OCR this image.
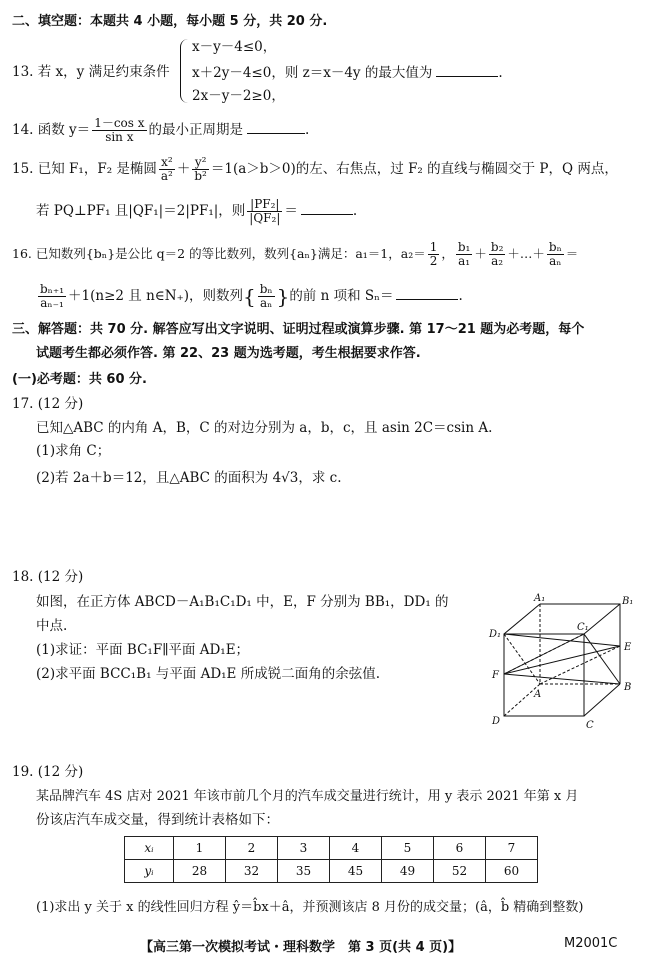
二、填空题：本题共 4 小题，每小题 5 分，共 20 分.
13. 若 x，y 满足约束条件
x－y－4≤0，
x＋2y－4≤0，则 z＝x－4y 的最大值为	.
2x－y－2≥0，
14. 函数 $y= \frac{\text{1－cos x}}{\text{sin x}}$ 的最小正周期是	.
15. 已知 F₁，F₂ 是椭圆 $\frac{\text{x²}}{\text{a²}} + \frac{\text{y²}}{\text{b²}} =1(a>b>0)$的左、右焦点，过 F₂ 的直线与椭圆交于 P，Q 两点，
若 PQ⊥PF₁ 且|QF₁|＝2|PF₁|，则 $\frac{\text{|PF₂|}}{\text{|QF₂|}}$ ＝	.
16. 已知数列{bₙ}是公比 q＝2 的等比数列，数列{aₙ}满足：a₁＝1，$a_2= \frac{1}{2}$ ， $\frac{\text{b₁}}{\text{a₁}} + \frac{\text{b₂}}{\text{a₂}}$ ＋…＋ $\frac{\text{bₙ}}{\text{aₙ}}$ ＝
$\frac{\text{bₙ₊₁}}{\text{aₙ₋₁}} +1(n\ge 2$ 且 n∈N₊)，则数列{ $\frac{\text{bₙ}}{\text{aₙ}}$ }的前 n 项和 Sₙ＝	.
三、解答题：共 70 分. 解答应写出文字说明、证明过程或演算步骤. 第 17～21 题为必考题，每个
试题考生都必须作答. 第 22、23 题为选考题，考生根据要求作答.
(一)必考题：共 60 分.
17. (12 分)
已知△ABC 的内角 A，B，C 的对边分别为 a，b，c，且 asin 2C＝csin A.
(1)求角 C；
(2)若 2a＋b＝12，且△ABC 的面积为 4√3，求 c.
18. (12 分)
如图，在正方体 ABCD－A₁B₁C₁D₁ 中，E，F 分别为 BB₁，DD₁ 的
中点.
(1)求证：平面 BC₁F∥平面 AD₁E；
(2)求平面 BCC₁B₁ 与平面 AD₁E 所成锐二面角的余弦值.
A₁	B₁
D₁
C₁
E
F
A
B
D	C
19. (12 分)
某品牌汽车 4S 店对 2021 年该市前几个月的汽车成交量进行统计，用 y 表示 2021 年第 x 月
份该店汽车成交量，得到统计表格如下：
xᵢ	1	2	3	4	5	6	7
yᵢ	28	32	35	45	49	52	60
(1)求出 y 关于 x 的线性回归方程 ŷ＝b̂x＋â，并预测该店 8 月份的成交量；(â，b̂ 精确到整数)
【高三第一次模拟考试・理科数学　第 3 页(共 4 页)】	M2001C
